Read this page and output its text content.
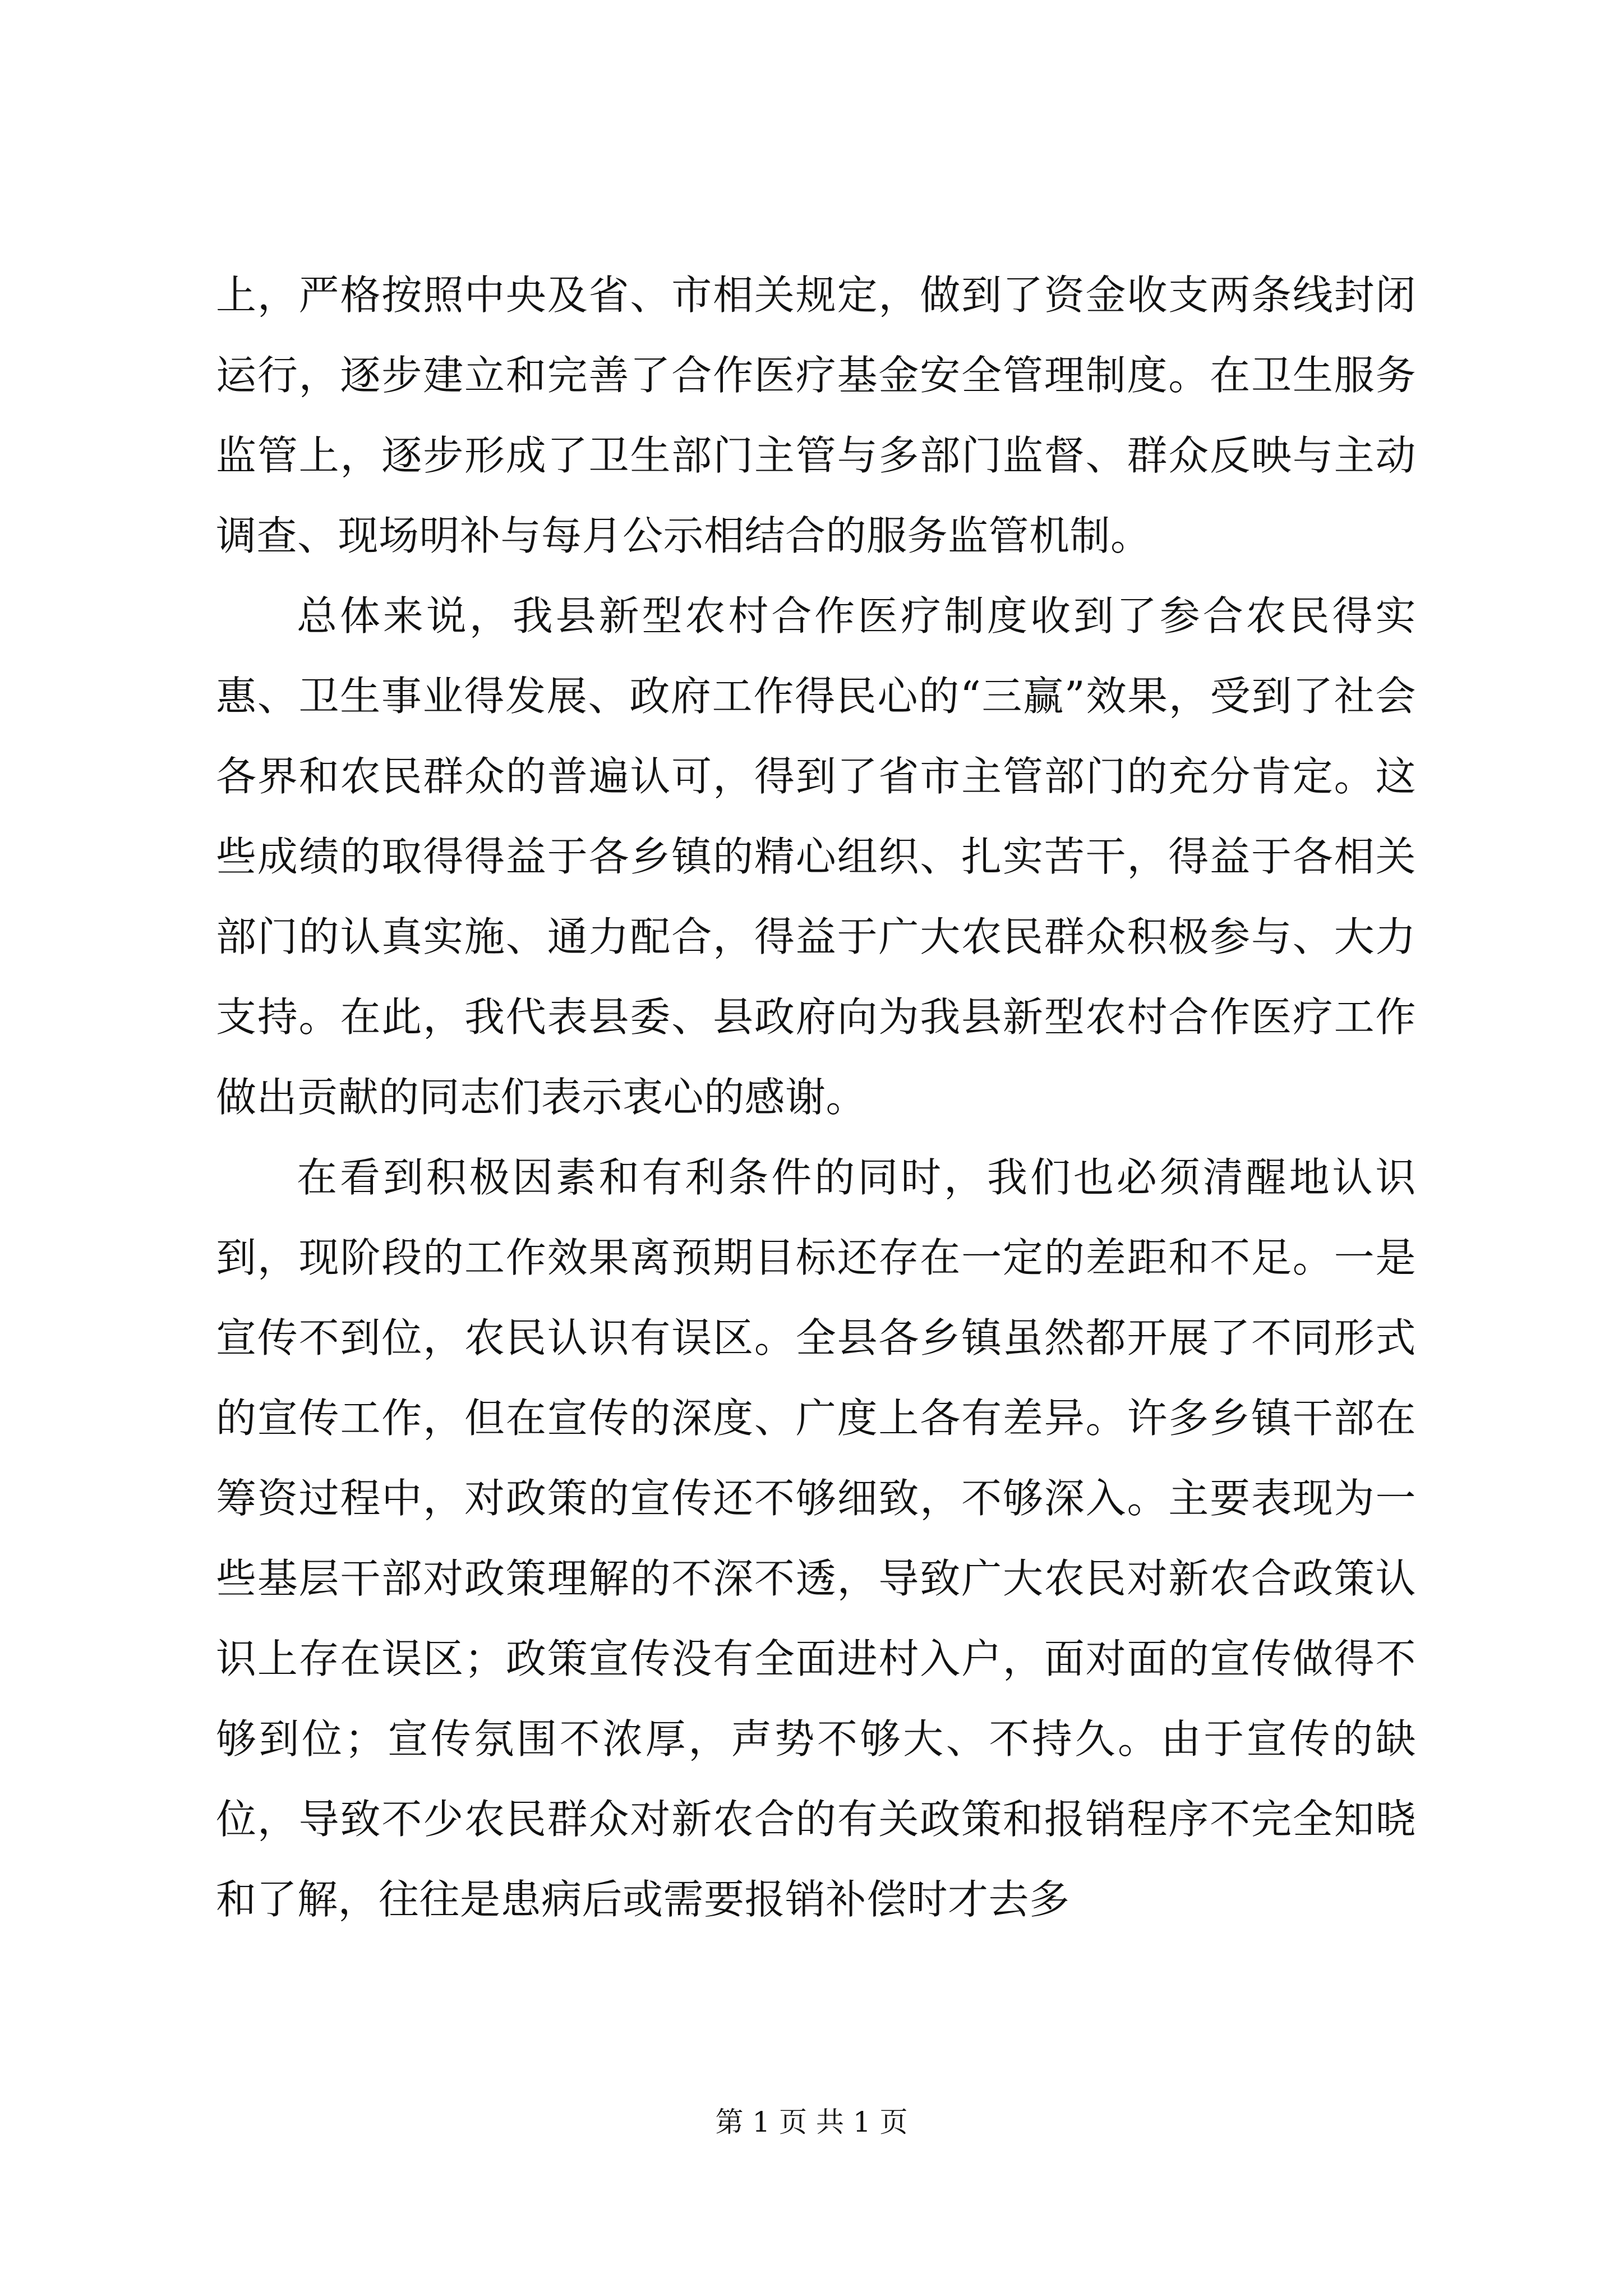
上，严格按照中央及省、市相关规定，做到了资金收支两条线封闭运行，逐步建立和完善了合作医疗基金安全管理制度。在卫生服务监管上，逐步形成了卫生部门主管与多部门监督、群众反映与主动调查、现场明补与每月公示相结合的服务监管机制。

总体来说，我县新型农村合作医疗制度收到了参合农民得实惠、卫生事业得发展、政府工作得民心的“三赢”效果，受到了社会各界和农民群众的普遍认可，得到了省市主管部门的充分肯定。这些成绩的取得得益于各乡镇的精心组织、扎实苦干，得益于各相关部门的认真实施、通力配合，得益于广大农民群众积极参与、大力支持。在此，我代表县委、县政府向为我县新型农村合作医疗工作做出贡献的同志们表示衷心的感谢。

在看到积极因素和有利条件的同时，我们也必须清醒地认识到，现阶段的工作效果离预期目标还存在一定的差距和不足。一是宣传不到位，农民认识有误区。全县各乡镇虽然都开展了不同形式的宣传工作，但在宣传的深度、广度上各有差异。许多乡镇干部在筹资过程中，对政策的宣传还不够细致，不够深入。主要表现为一些基层干部对政策理解的不深不透，导致广大农民对新农合政策认识上存在误区；政策宣传没有全面进村入户，面对面的宣传做得不够到位；宣传氛围不浓厚，声势不够大、不持久。由于宣传的缺位，导致不少农民群众对新农合的有关政策和报销程序不完全知晓和了解，往往是患病后或需要报销补偿时才去多

第 1 页 共 1 页
